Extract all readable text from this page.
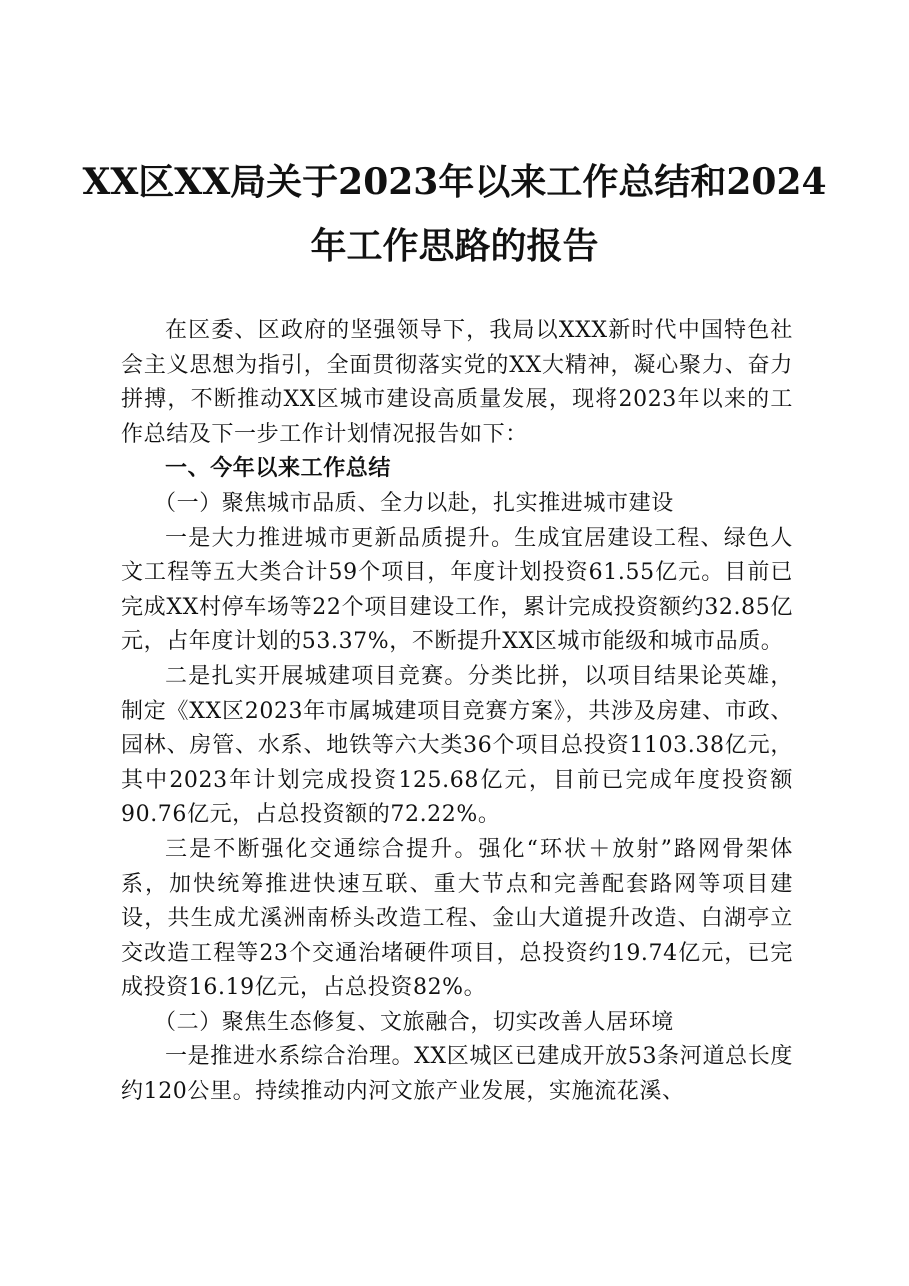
XX区XX局关于2023年以来工作总结和2024
年工作思路的报告

在区委、区政府的坚强领导下，我局以XXX新时代中国特色社会主义思想为指引，全面贯彻落实党的XX大精神，凝心聚力、奋力拼搏，不断推动XX区城市建设高质量发展，现将2023年以来的工作总结及下一步工作计划情况报告如下：

一、今年以来工作总结

（一）聚焦城市品质、全力以赴，扎实推进城市建设

一是大力推进城市更新品质提升。生成宜居建设工程、绿色人文工程等五大类合计59个项目，年度计划投资61.55亿元。目前已完成XX村停车场等22个项目建设工作，累计完成投资额约32.85亿元，占年度计划的53.37%，不断提升XX区城市能级和城市品质。

二是扎实开展城建项目竞赛。分类比拼，以项目结果论英雄，制定《XX区2023年市属城建项目竞赛方案》，共涉及房建、市政、园林、房管、水系、地铁等六大类36个项目总投资1103.38亿元，其中2023年计划完成投资125.68亿元，目前已完成年度投资额90.76亿元，占总投资额的72.22%。

三是不断强化交通综合提升。强化“环状＋放射”路网骨架体系，加快统筹推进快速互联、重大节点和完善配套路网等项目建设，共生成尤溪洲南桥头改造工程、金山大道提升改造、白湖亭立交改造工程等23个交通治堵硬件项目，总投资约19.74亿元，已完成投资16.19亿元，占总投资82%。

（二）聚焦生态修复、文旅融合，切实改善人居环境

一是推进水系综合治理。XX区城区已建成开放53条河道总长度约120公里。持续推动内河文旅产业发展，实施流花溪、
